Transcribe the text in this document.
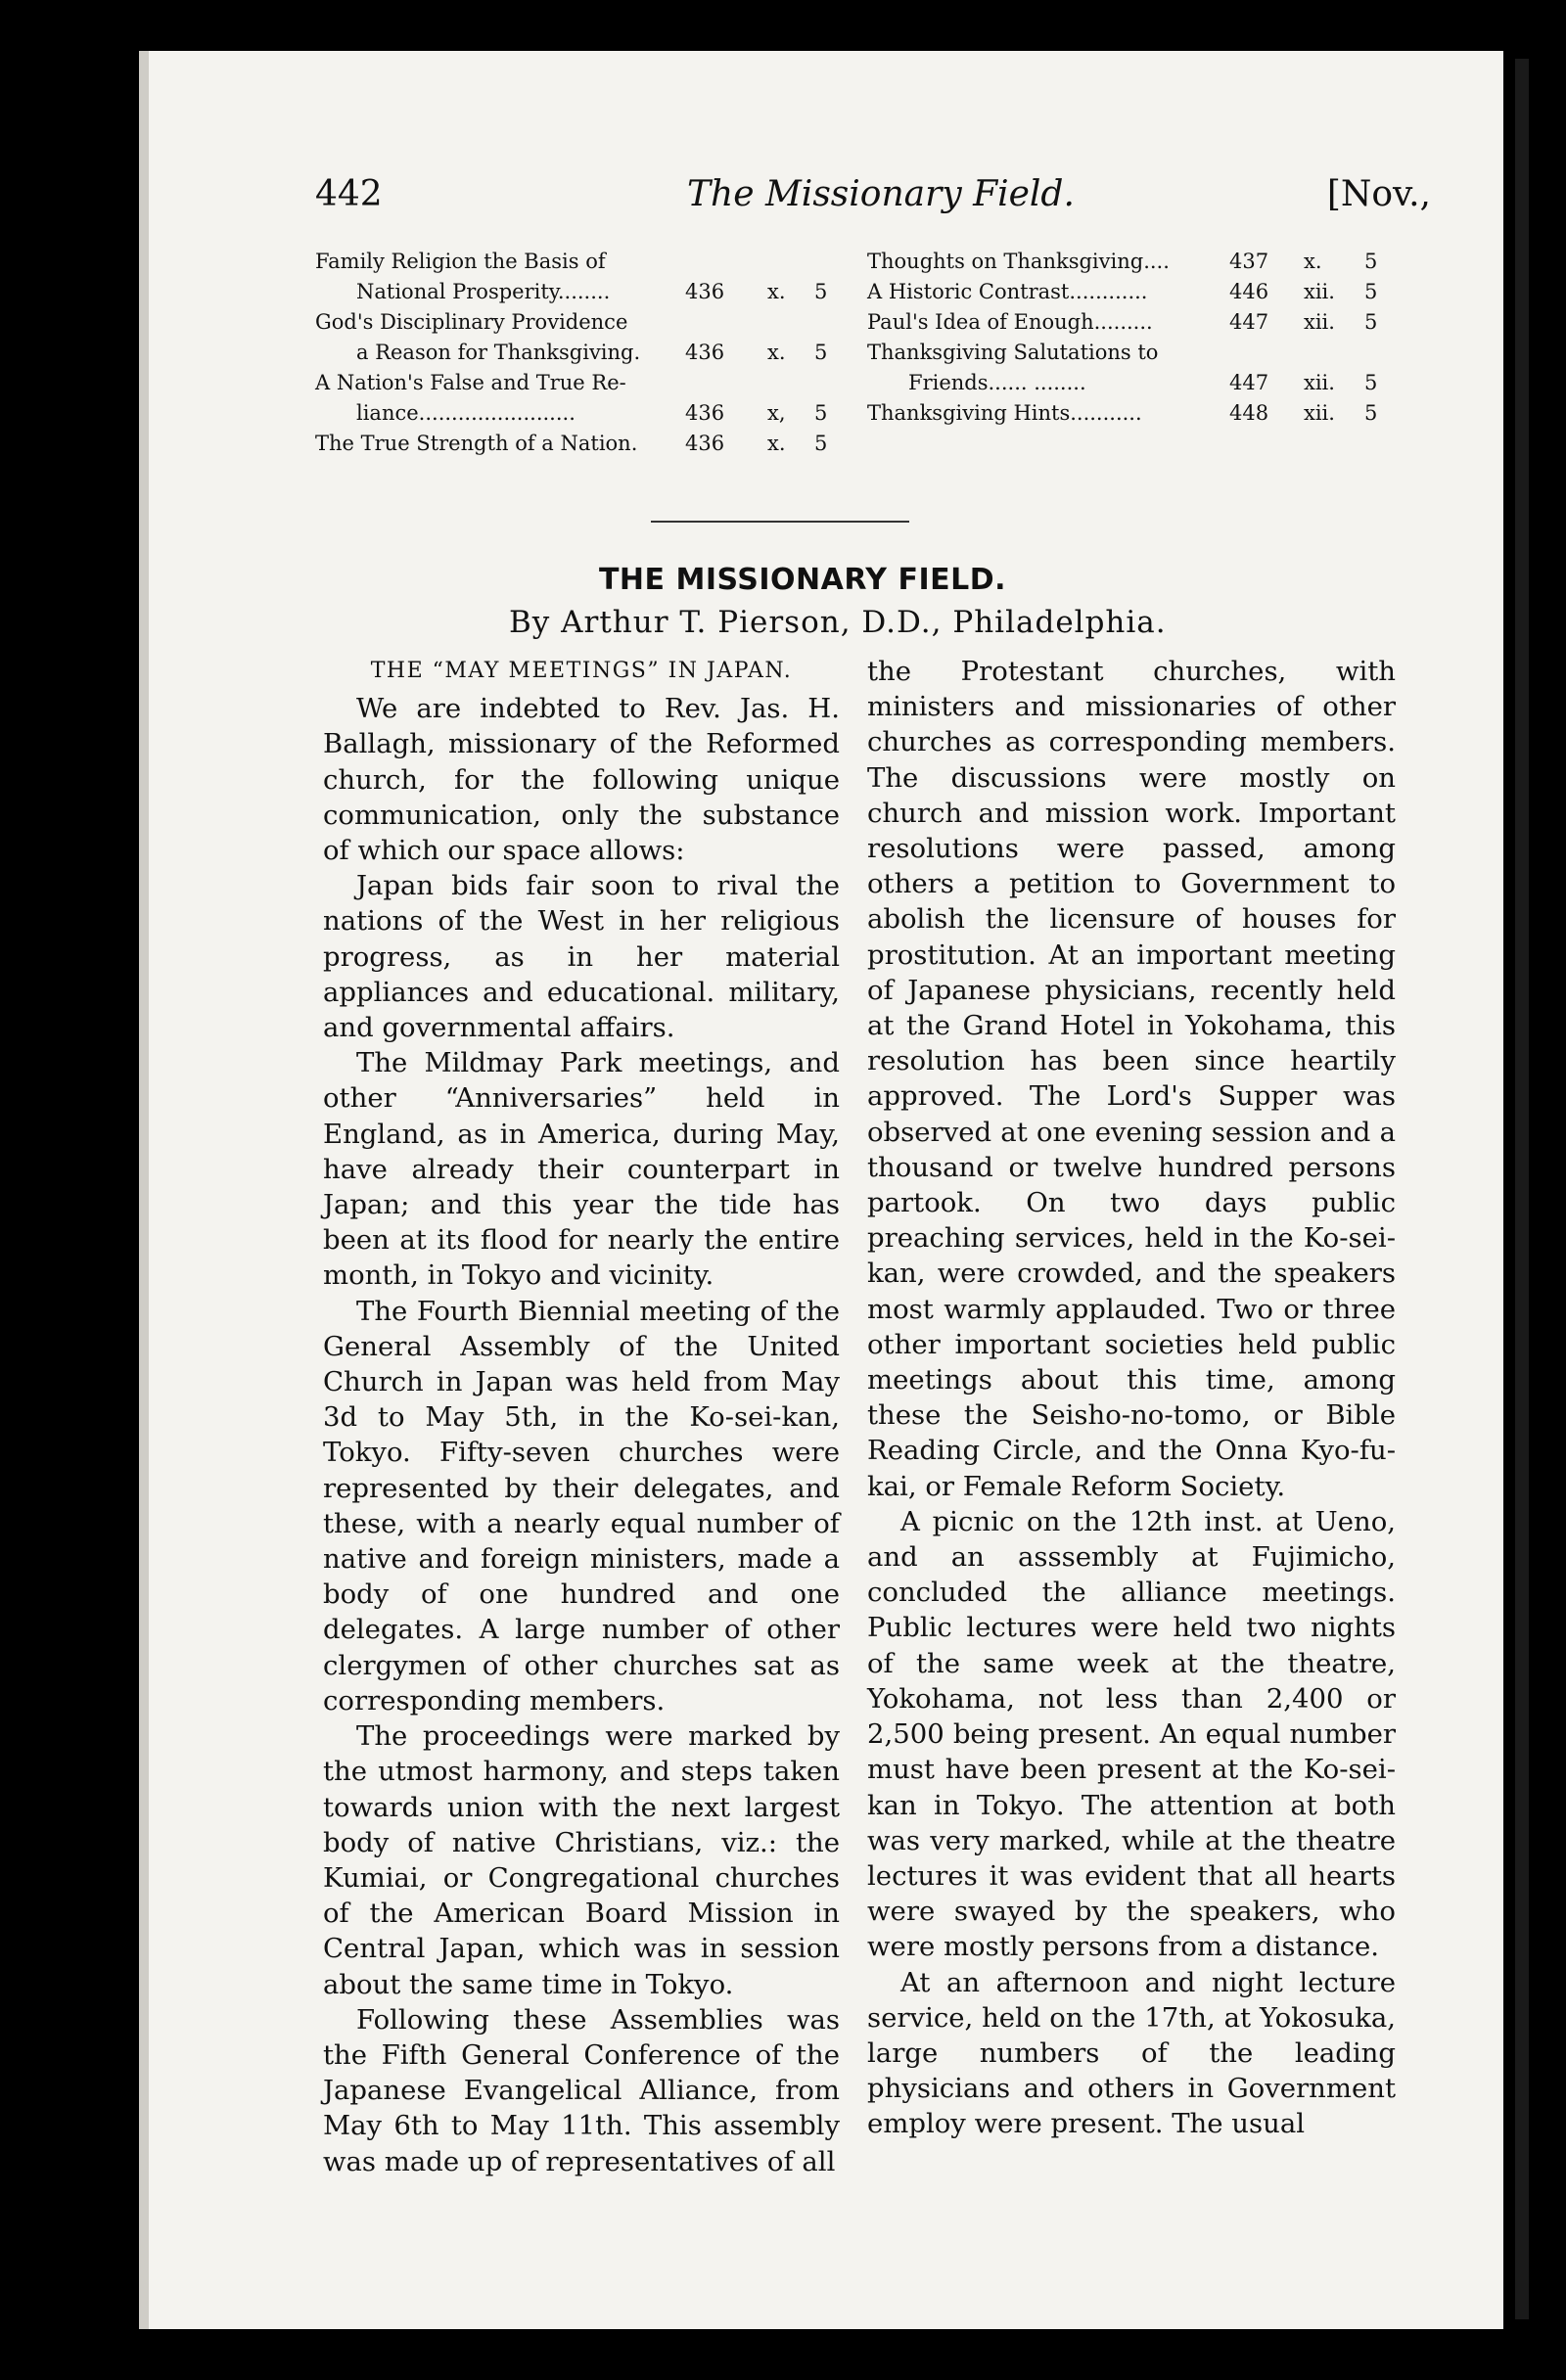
442	The Missionary Field.	[Nov.,
Family Religion the Basis of
National Prosperity........	436 x. 5
God's Disciplinary Providence
a Reason for Thanksgiving. 436 x. 5
A Nation's False and True Re-
liance........................	436 x, 5
The True Strength of a Nation. 436 x. 5
Thoughts on Thanksgiving....	437 x. 5
A Historic Contrast............	446 xii. 5
Paul's Idea of Enough.........	447 xii. 5
Thanksgiving Salutations to
Friends...... ........	447 xii. 5
Thanksgiving Hints...........	448 xii. 5
THE MISSIONARY FIELD.
By Arthur T. Pierson, D.D., Philadelphia.
THE “MAY MEETINGS” IN JAPAN.

We are indebted to Rev. Jas. H. Ballagh, missionary of the Reformed church, for the following unique communication, only the substance of which our space allows:

Japan bids fair soon to rival the nations of the West in her religious progress, as in her material appliances and educational. military, and governmental affairs.

The Mildmay Park meetings, and other “Anniversaries” held in England, as in America, during May, have already their counterpart in Japan; and this year the tide has been at its flood for nearly the entire month, in Tokyo and vicinity.

The Fourth Biennial meeting of the General Assembly of the United Church in Japan was held from May 3d to May 5th, in the Ko-sei-kan, Tokyo. Fifty-seven churches were represented by their delegates, and these, with a nearly equal number of native and foreign ministers, made a body of one hundred and one delegates. A large number of other clergymen of other churches sat as corresponding members.

The proceedings were marked by the utmost harmony, and steps taken towards union with the next largest body of native Christians, viz.: the Kumiai, or Congregational churches of the American Board Mission in Central Japan, which was in session about the same time in Tokyo.

Following these Assemblies was the Fifth General Conference of the Japanese Evangelical Alliance, from May 6th to May 11th. This assembly was made up of representatives of all

the Protestant churches, with ministers and missionaries of other churches as corresponding members. The discussions were mostly on church and mission work. Important resolutions were passed, among others a petition to Government to abolish the licensure of houses for prostitution. At an important meeting of Japanese physicians, recently held at the Grand Hotel in Yokohama, this resolution has been since heartily approved. The Lord's Supper was observed at one evening session and a thousand or twelve hundred persons partook. On two days public preaching services, held in the Ko-sei-kan, were crowded, and the speakers most warmly applauded. Two or three other important societies held public meetings about this time, among these the Seisho-no-tomo, or Bible Reading Circle, and the Onna Kyo-fu-kai, or Female Reform Society.

A picnic on the 12th inst. at Ueno, and an asssembly at Fujimicho, concluded the alliance meetings. Public lectures were held two nights of the same week at the theatre, Yokohama, not less than 2,400 or 2,500 being present. An equal number must have been present at the Ko-sei-kan in Tokyo. The attention at both was very marked, while at the theatre lectures it was evident that all hearts were swayed by the speakers, who were mostly persons from a distance.

At an afternoon and night lecture service, held on the 17th, at Yokosuka, large numbers of the leading physicians and others in Government employ were present. The usual
